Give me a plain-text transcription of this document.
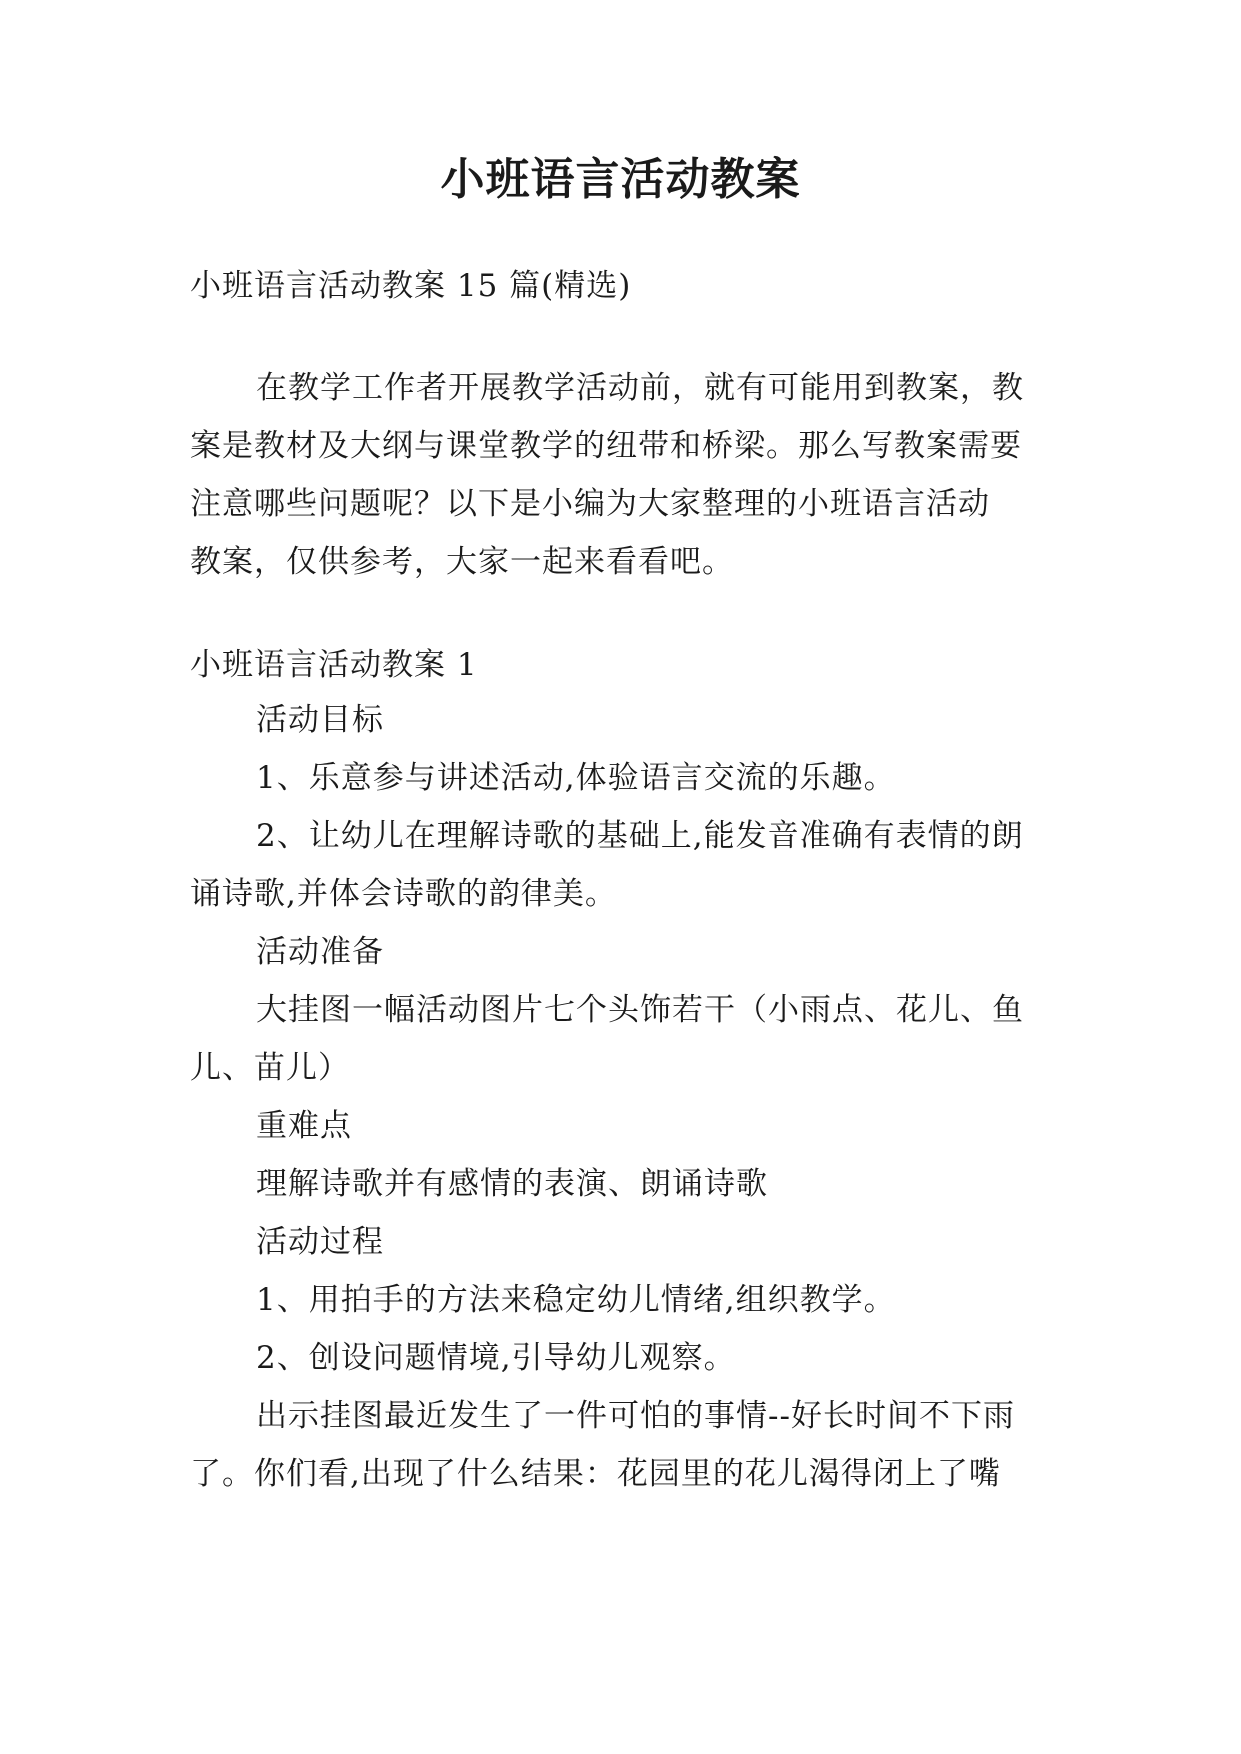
小班语言活动教案
小班语言活动教案 15 篇(精选)
在教学工作者开展教学活动前，就有可能用到教案，教
案是教材及大纲与课堂教学的纽带和桥梁。那么写教案需要
注意哪些问题呢？以下是小编为大家整理的小班语言活动
教案，仅供参考，大家一起来看看吧。
小班语言活动教案 1
活动目标
1、乐意参与讲述活动,体验语言交流的乐趣。
2、让幼儿在理解诗歌的基础上,能发音准确有表情的朗
诵诗歌,并体会诗歌的韵律美。
活动准备
大挂图一幅活动图片七个头饰若干（小雨点、花儿、鱼
儿、苗儿）
重难点
理解诗歌并有感情的表演、朗诵诗歌
活动过程
1、用拍手的方法来稳定幼儿情绪,组织教学。
2、创设问题情境,引导幼儿观察。
出示挂图最近发生了一件可怕的事情--好长时间不下雨
了。你们看,出现了什么结果：花园里的花儿渴得闭上了嘴
